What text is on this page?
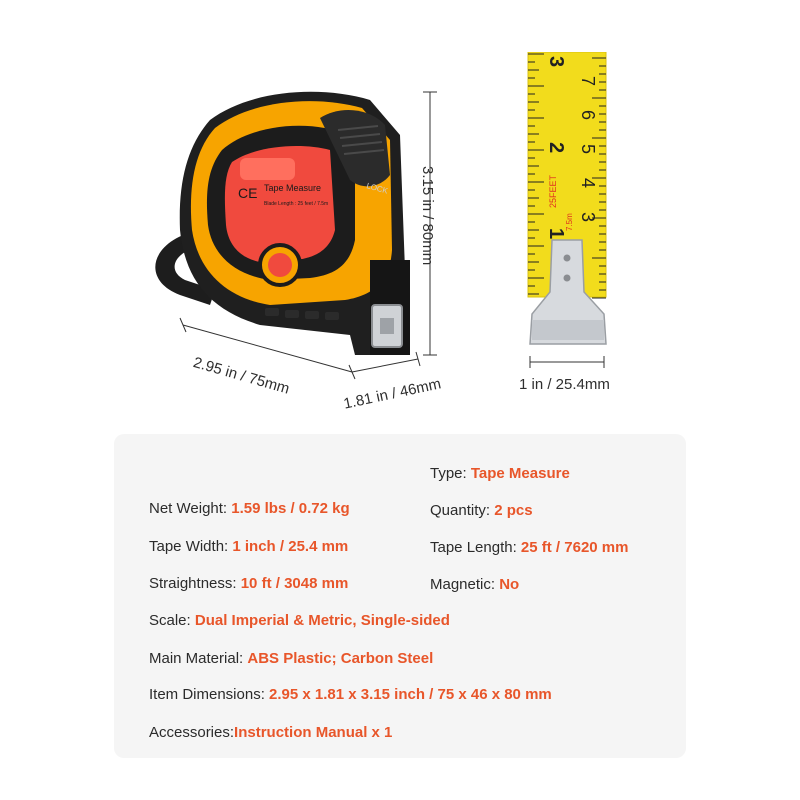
CE Tape Measure
Blade Length : 25 feet / 7.5m
LOCK
2.95 in / 75mm	1.81 in / 46mm
3.15 in / 80mm
1 in / 25.4mm
3
2
1
7
6
5
4
3
25FEET
7.5m
Type: Tape Measure
Net Weight: 1.59 lbs / 0.72 kg	Quantity: 2 pcs
Tape Width: 1 inch / 25.4 mm	Tape Length: 25 ft / 7620 mm
Straightness: 10 ft / 3048 mm	Magnetic: No
Scale: Dual Imperial & Metric, Single-sided
Main Material: ABS Plastic; Carbon Steel
Item Dimensions: 2.95 x 1.81 x 3.15 inch / 75 x 46 x 80 mm
Accessories:Instruction Manual x 1
